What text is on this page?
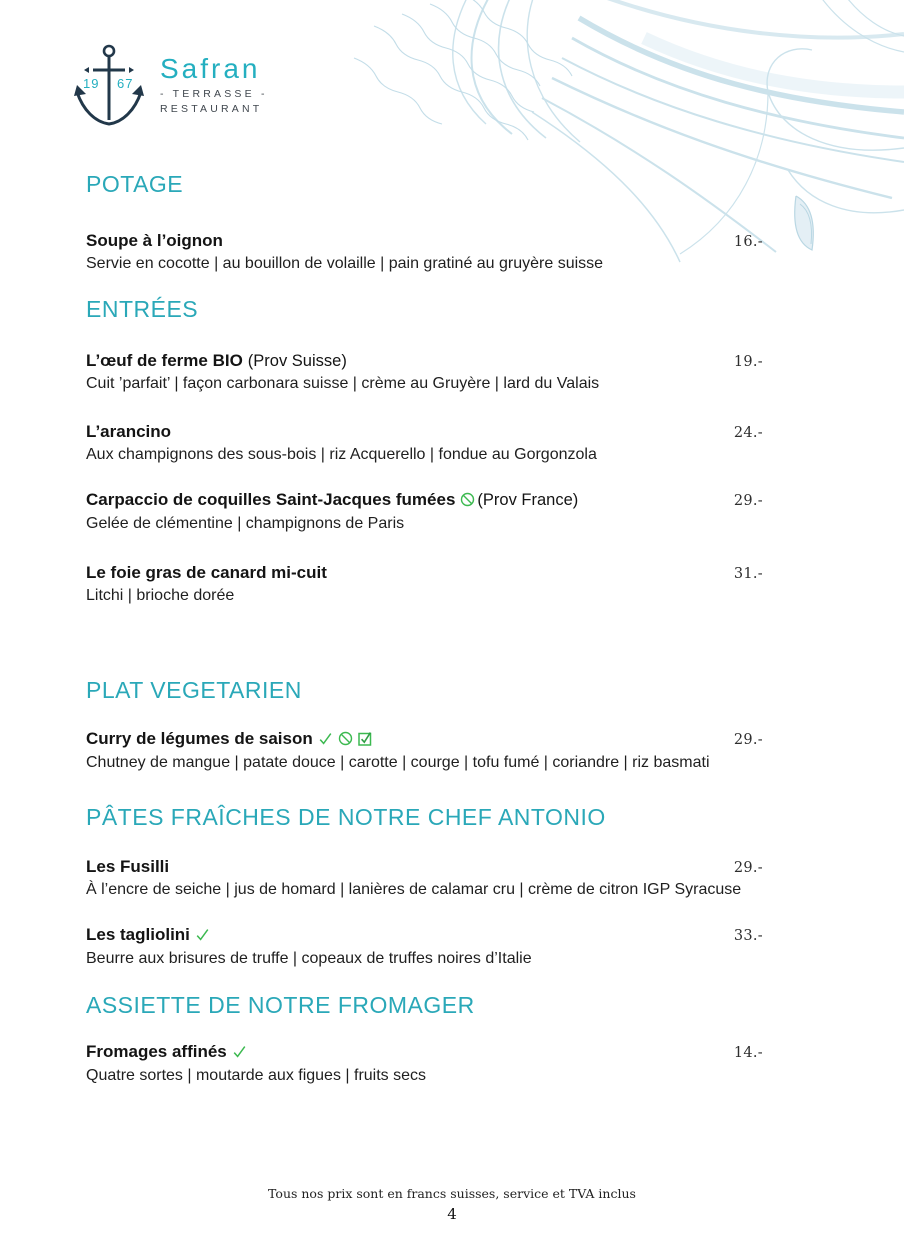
19 67 Safran
- TERRASSE -
RESTAURANT
POTAGE
Soupe à l’oignon	16.-
Servie en cocotte | au bouillon de volaille | pain gratiné au gruyère suisse
ENTRÉES
L’œuf de ferme BIO (Prov Suisse)	19.-
Cuit ’parfait’ | façon carbonara suisse | crème au Gruyère | lard du Valais
L’arancino	24.-
Aux champignons des sous-bois | riz Acquerello | fondue au Gorgonzola
Carpaccio de coquilles Saint-Jacques fumées (Prov France)	29.-
Gelée de clémentine | champignons de Paris
Le foie gras de canard mi-cuit	31.-
Litchi | brioche dorée
PLAT VEGETARIEN
Curry de légumes de saison	29.-
Chutney de mangue | patate douce | carotte | courge | tofu fumé | coriandre | riz basmati
PÂTES FRAÎCHES DE NOTRE CHEF ANTONIO
Les Fusilli	29.-
À l’encre de seiche | jus de homard | lanières de calamar cru | crème de citron IGP Syracuse
Les tagliolini	33.-
Beurre aux brisures de truffe | copeaux de truffes noires d’Italie
ASSIETTE DE NOTRE FROMAGER
Fromages affinés	14.-
Quatre sortes | moutarde aux figues | fruits secs
Tous nos prix sont en francs suisses, service et TVA inclus
4
